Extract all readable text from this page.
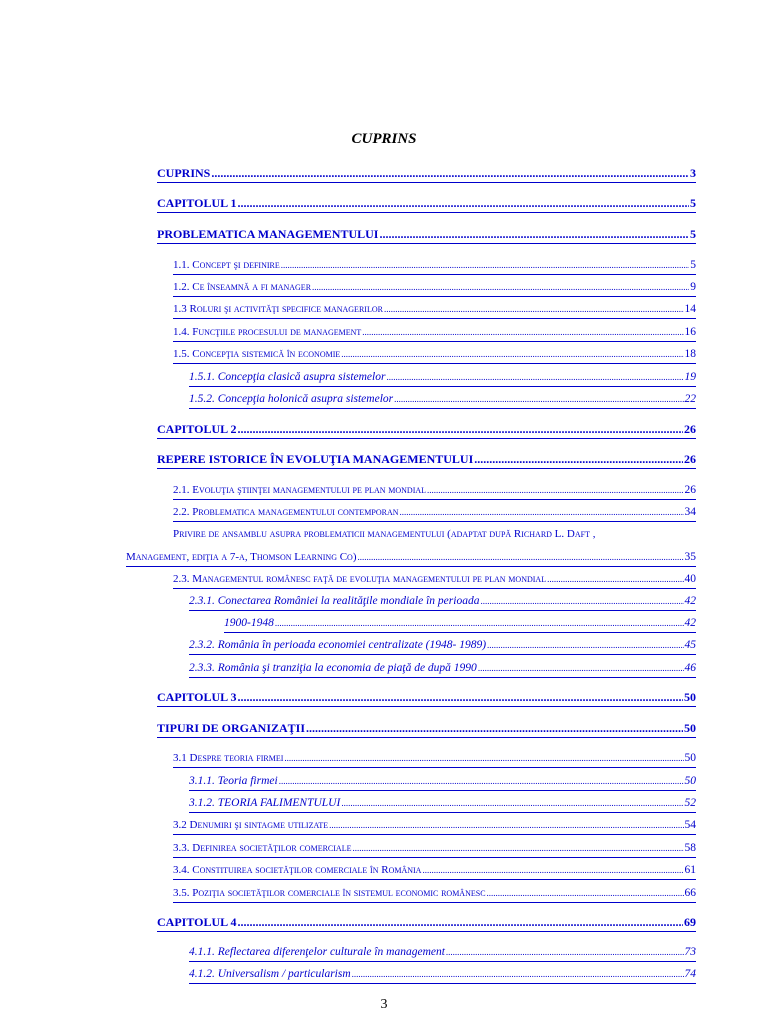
CUPRINS
CUPRINS .....	3
CAPITOLUL 1 .....	5
PROBLEMATICA MANAGEMENTULUI .....	5
1.1. Concept şi definire .....	5
1.2. Ce înseamnă a fi manager .....	9
1.3 Roluri şi activităţi specifice managerilor .....	14
1.4. Funcţiile procesului de management .....	16
1.5. Concepţia sistemică în economie .....	18
1.5.1. Concepţia clasică asupra sistemelor .....	19
1.5.2. Concepţia holonică asupra sistemelor .....	22
CAPITOLUL 2 .....	26
REPERE ISTORICE ÎN EVOLUŢIA MANAGEMENTULUI .....	26
2.1. Evoluţia ştiinţei managementului pe plan mondial .....	26
2.2. Problematica managementului contemporan .....	34
Privire de ansamblu asupra problematicii managementului (adaptat după Richard L. Daft ,
Management, ediţia a 7-a, Thomson Learning Co) .....	35
2.3. Managementul românesc faţă de evoluţia managementului pe plan mondial .....	40
2.3.1. Conectarea României la realităţile mondiale în perioada .....	42
1900-1948 .....	42
2.3.2. România în perioada economiei centralizate (1948- 1989) .....	45
2.3.3. România şi tranziţia la economia de piaţă de după 1990 .....	46
CAPITOLUL 3 .....	50
TIPURI DE ORGANIZAŢII .....	50
3.1 Despre teoria firmei .....	50
3.1.1. Teoria firmei .....	50
3.1.2. TEORIA FALIMENTULUI .....	52
3.2 Denumiri şi sintagme utilizate .....	54
3.3. Definirea societăţilor comerciale .....	58
3.4. Constituirea societăţilor comerciale în România .....	61
3.5. Poziţia societăţilor comerciale în sistemul economic românesc .....	66
CAPITOLUL 4 .....	69
4.1.1. Reflectarea diferenţelor culturale în management .....	73
4.1.2. Universalism / particularism .....	74
3
